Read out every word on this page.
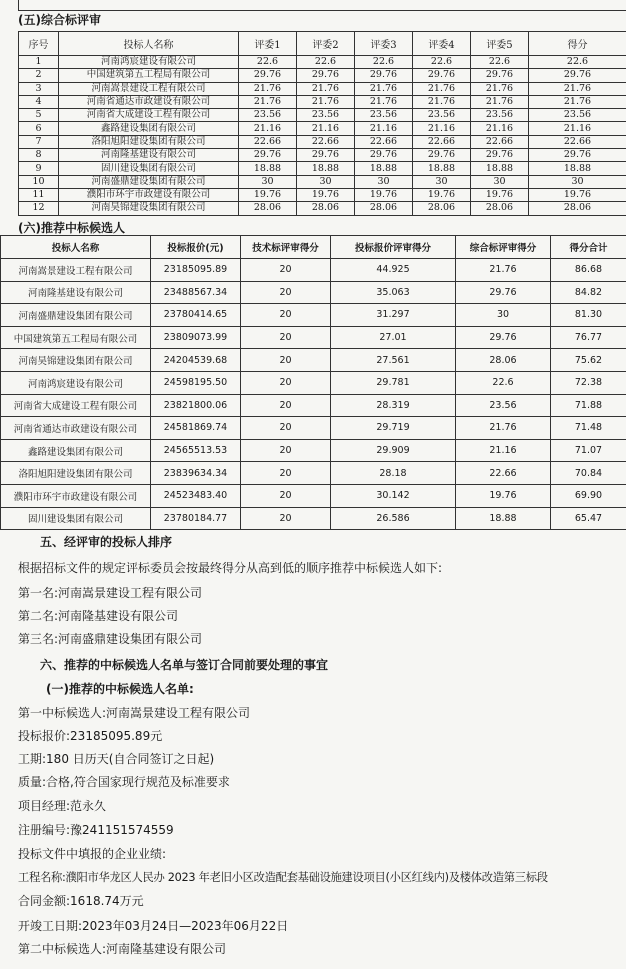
(五)综合标评审
序号	投标人名称	评委1	评委2	评委3	评委4	评委5	得分
1	河南鸿宸建设有限公司	22.6	22.6	22.6	22.6	22.6	22.6
2	中国建筑第五工程局有限公司	29.76	29.76	29.76	29.76	29.76	29.76
3	河南嵩景建设工程有限公司	21.76	21.76	21.76	21.76	21.76	21.76
4	河南省通达市政建设有限公司	21.76	21.76	21.76	21.76	21.76	21.76
5	河南省大成建设工程有限公司	23.56	23.56	23.56	23.56	23.56	23.56
6	鑫路建设集团有限公司	21.16	21.16	21.16	21.16	21.16	21.16
7	洛阳旭阳建设集团有限公司	22.66	22.66	22.66	22.66	22.66	22.66
8	河南隆基建设有限公司	29.76	29.76	29.76	29.76	29.76	29.76
9	固川建设集团有限公司	18.88	18.88	18.88	18.88	18.88	18.88
10	河南盛鼎建设集团有限公司	30	30	30	30	30	30
11	濮阳市环宇市政建设有限公司	19.76	19.76	19.76	19.76	19.76	19.76
12	河南昊锦建设集团有限公司	28.06	28.06	28.06	28.06	28.06	28.06
(六)推荐中标候选人
投标人名称	投标报价(元)	技术标评审得分	投标报价评审得分	综合标评审得分	得分合计
河南嵩景建设工程有限公司	23185095.89	20	44.925	21.76	86.68
河南隆基建设有限公司	23488567.34	20	35.063	29.76	84.82
河南盛鼎建设集团有限公司	23780414.65	20	31.297	30	81.30
中国建筑第五工程局有限公司	23809073.99	20	27.01	29.76	76.77
河南昊锦建设集团有限公司	24204539.68	20	27.561	28.06	75.62
河南鸿宸建设有限公司	24598195.50	20	29.781	22.6	72.38
河南省大成建设工程有限公司	23821800.06	20	28.319	23.56	71.88
河南省通达市政建设有限公司	24581869.74	20	29.719	21.76	71.48
鑫路建设集团有限公司	24565513.53	20	29.909	21.16	71.07
洛阳旭阳建设集团有限公司	23839634.34	20	28.18	22.66	70.84
濮阳市环宇市政建设有限公司	24523483.40	20	30.142	19.76	69.90
固川建设集团有限公司	23780184.77	20	26.586	18.88	65.47
五、经评审的投标人排序
根据招标文件的规定评标委员会按最终得分从高到低的顺序推荐中标候选人如下:
第一名:河南嵩景建设工程有限公司
第二名:河南隆基建设有限公司
第三名:河南盛鼎建设集团有限公司
六、推荐的中标候选人名单与签订合同前要处理的事宜
(一)推荐的中标候选人名单:
第一中标候选人:河南嵩景建设工程有限公司
投标报价:23185095.89元
工期:180 日历天(自合同签订之日起)
质量:合格,符合国家现行规范及标准要求
项目经理:范永久
注册编号:豫241151574559
投标文件中填报的企业业绩:
工程名称:濮阳市华龙区人民办 2023 年老旧小区改造配套基础设施建设项目(小区红线内)及楼体改造第三标段
合同金额:1618.74万元
开竣工日期:2023年03月24日—2023年06月22日
第二中标候选人:河南隆基建设有限公司
